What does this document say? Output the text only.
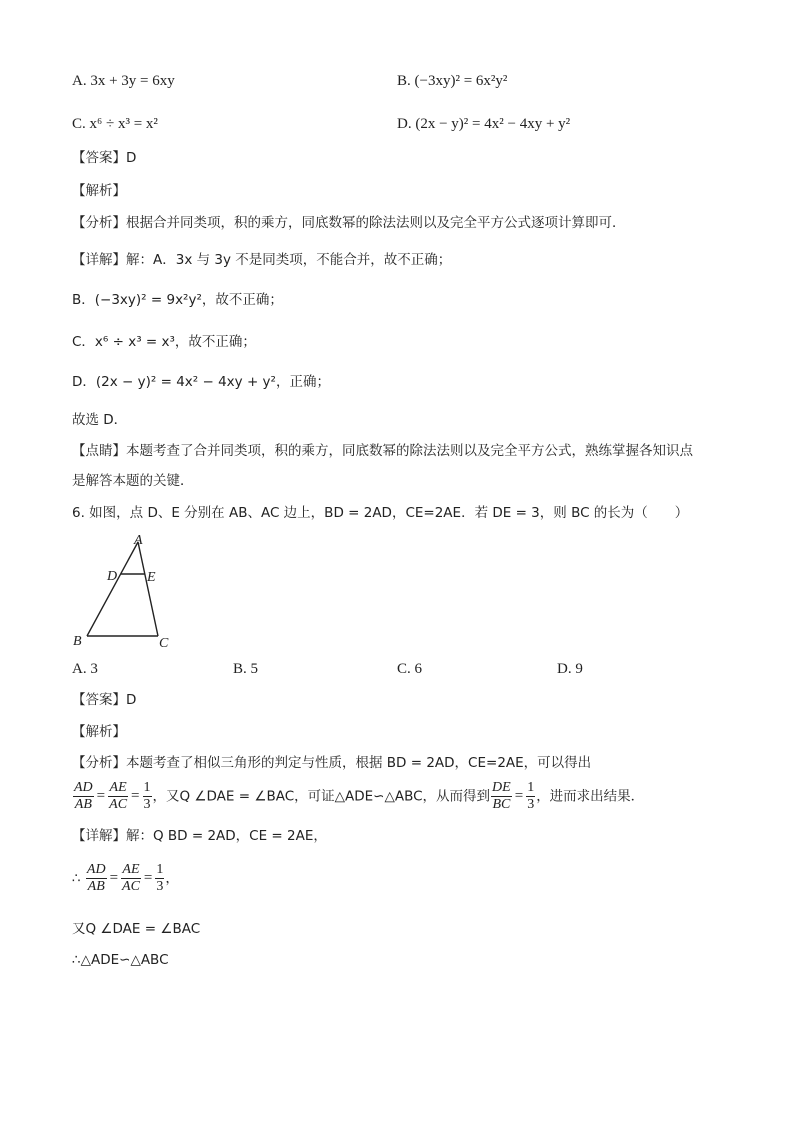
A. 3x + 3y = 6xy	B. (−3xy)² = 6x²y²
C. x⁶ ÷ x³ = x²	D. (2x − y)² = 4x² − 4xy + y²
【答案】D
【解析】
【分析】根据合并同类项，积的乘方，同底数幂的除法法则以及完全平方公式逐项计算即可．
【详解】解：A．3x 与 3y 不是同类项，不能合并，故不正确；
B．(−3xy)² = 9x²y²，故不正确；
C．x⁶ ÷ x³ = x³，故不正确；
D．(2x − y)² = 4x² − 4xy + y²，正确；
故选 D．
【点睛】本题考查了合并同类项，积的乘方，同底数幂的除法法则以及完全平方公式，熟练掌握各知识点
是解答本题的关键．
6. 如图，点 D、E 分别在 AB、AC 边上，BD = 2AD，CE=2AE．若 DE = 3，则 BC 的长为（　　）
A
D E
B	C
A. 3	B. 5	C. 6	D. 9
【答案】D
【解析】
【分析】本题考查了相似三角形的判定与性质，根据 BD = 2AD，CE=2AE，可以得出
$\frac{AD}{AB} = \frac{AE}{AC} = \frac{1}{3}$ ，又Q ∠DAE = ∠BAC，可证△ADE∽△ABC，从而得到 $\frac{DE}{BC} = \frac{1}{3}$ ，进而求出结果．
【详解】解：Q BD = 2AD，CE = 2AE，
∴ $\frac{AD}{AB} = \frac{AE}{AC} = \frac{1}{3}$ ，
又Q ∠DAE = ∠BAC
∴△ADE∽△ABC
